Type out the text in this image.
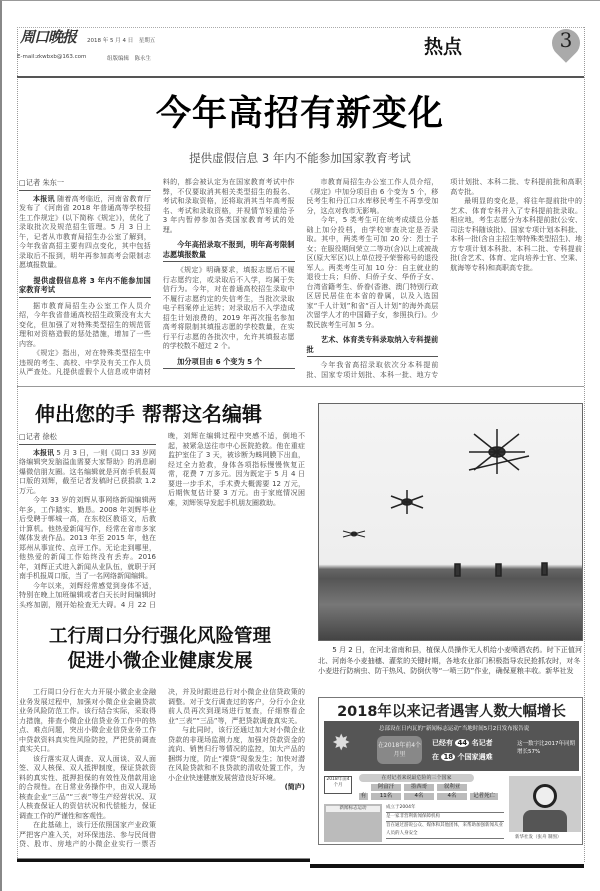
周口晚报 2018 年 5 月 4 日　星期五
E-mail:zkwbxb@163.com	组版编辑　陈永生
热点	3
今年高招有新变化
提供虚假信息 3 年内不能参加国家教育考试
□记者 朱东一

本报讯 随着高考临近，河南省教育厅发布了《河南省 2018 年普通高等学校招生工作规定》(以下简称《规定》)，优化了录取批次及规范招生管理。5 月 3 日上午，记者从市教育局招生办公室了解到，今年我省高招主要有四点变化，其中包括录取后不报到，明年再参加高考会限制志愿填报数量。

提供虚假信息将 3 年内不能参加国家教育考试

据市教育局招生办公室工作人员介绍，今年我省普通高校招生政策没有太大变化，但加强了对特殊类型招生的规范管理和对资格造假的惩处措施，增加了一些内容。

《规定》指出，对在特殊类型招生中违规的考生、高校、中学及有关工作人员从严查处。凡提供虚假个人信息或申请材料的，都会被认定为在国家教育考试中作弊，不仅要取消其相关类型招生的报名、考试和录取资格，还将取消其当年高考报名、考试和录取资格，并视情节轻重给予 3 年内暂停参加各类国家教育考试的处理。

今年高招录取不报到，明年高考限制志愿填报数量

《规定》明确要求，填报志愿后不履行志愿约定，或录取后不入学，均属于失信行为。今年，对在普通高校招生录取中不履行志愿约定的失信考生，当批次录取电子档案停止运转；对录取后不入学造成招生计划浪费的，2019 年再次报名参加高考将限制其填报志愿的学校数量，在实行平行志愿的各批次中，允许其填报志愿的学校数不超过 2 个。

加分项目由 6 个变为 5 个

市教育局招生办公室工作人员介绍，《规定》中加分项目由 6 个变为 5 个，移民考生和丹江口水库移民考生不再享受加分，这点对我市无影响。

今年，5 类考生可在统考成绩总分基础上加分投档，由学校审查决定是否录取。其中，两类考生可加 20 分：烈士子女；在服役期间荣立二等功(含)以上或被战区(原大军区)以上单位授予荣誉称号的退役军人。两类考生可加 10 分：自主就业的退役士兵；归侨、归侨子女、华侨子女、台湾省籍考生、侨眷(香港、澳门特别行政区居民居住在本省的眷属，以及入选国家“千人计划”和省“百人计划”的海外高层次留学人才的中国籍子女，参照执行)。少数民族考生可加 5 分。

艺术、体育类专科录取纳入专科提前批

今年我省高招录取依次分本科提前批、国家专项计划批、本科一批、地方专项计划批、本科二批、专科提前批和高职高专批。

最明显的变化是，将往年提前批中的艺术、体育专科并入了专科提前批录取。相应地，考生志愿分为本科提前批(公安、司法专科随该批)、国家专项计划本科批、本科一批(含自主招生等特殊类型招生)、地方专项计划本科批、本科二批、专科提前批(含艺术、体育、定向培养士官、空乘、航海等专科)和高职高专批。

伸出您的手 帮帮这名编辑
□记者 徐松

本报讯 5 月 3 日，一则《周口 33 岁网络编辑突发脑溢血需要大家帮助》的消息刷爆微信朋友圈。这名编辑就是河南手机报周口版的刘辉，截至记者发稿时已获捐款 1.2 万元。

今年 33 岁的刘辉从事网络新闻编辑两年多，工作踏实、勤恳。2008 年刘辉毕业后受聘于郸城一高，在东校区教语文，后教计算机。他热爱新闻写作，经常在省市多家媒体发表作品。2013 年至 2015 年，他在郑州从事宣传、点评工作。无论走到哪里，他热爱的新闻工作始终没有丢弃。2016 年，刘辉正式进入新闻从业队伍，就职于河南手机报周口版，当了一名网络新闻编辑。

今年以来，刘辉经常感觉到身体不适，特别在晚上加班编辑或者白天长时间编辑时头疼加剧，刚开始检查无大碍。4 月 22 日晚，刘辉在编辑过程中突感不适，倒地不起，被紧急送往市中心医院抢救。他在重症监护室住了 3 天，被诊断为蛛网膜下出血，经过全力抢救，身体各项指标慢慢恢复正常，花费 7 万多元。因为既定于 5 月 4 日要进一步手术，手术费大概需要 12 万元，后期恢复估计要 3 万元。由于家庭情况困难，刘辉领导发起手机朋友圈救助。

工行周口分行强化风险管理
促进小微企业健康发展

工行周口分行在大力开展小微企业金融业务发展过程中，加强对小微企业金融贷款业务风险防范工作。该行结合实际，采取得力措施，排查小微企业信贷业务工作中的热点、难点问题，突出小微企业信贷业务工作中贷款资料真实性风险防控，严把贷前调查真实关口。

该行落实双人调查、双人面谈、双人面签、双人核保、双人抵押制度，保证贷款资料的真实性、抵押担保的有效性及借款用途的合规性。在日常业务操作中，由双人现场核查企业“三品”“三表”等生产经营状况、双人核查保证人的资信状况和代偿能力，保证调查工作的严谨性和客观性。

在此基础上，该行还依照国家产业政策严把客户准入关，对环保违法、参与民间借贷、股市、房地产的小微企业实行一票否决，并及时跟进总行对小微企业信贷政策的调整。对于支行调查过的客户，分行小企业前人员再次到现场进行复查，仔细察看企业“三表”“三品”等，严把贷款调查真实关。

与此同时，该行还通过加大对小微企业贷款的非现场监测力度，加强对贷款资金的流向、销售归行等情况的监控，加大产品的捆绑力度，防止“裸贷”现象发生；加快对潜在风险贷款和不良贷款的清收处置工作，为小企业快速健康发展营造良好环境。

(简庐)
5 月 2 日，在河北省南和县，植保人员操作无人机给小麦喷洒农药。时下正值河北、河南冬小麦抽穗、灌浆的关键时期，各地农业部门积极指导农民抢抓农时，对冬小麦进行防病虫、防干热风、防倒伏等“一喷三防”作业，确保夏粮丰收。新华社发
2018年以来记者遇害人数大幅增长
总部设在日内瓦的“新闻标志运动”当地时间5月2日发布报告说
✸	在2018年前4个月里
已经有 44 名记者
在 18 个国家遇难
这一数字比2017年同期增长57%
2018年前4个月
在对记者来说最危险的三个国家
阿富汗	墨西哥	叙利亚
有	11名	4名	4名	记者死亡
新闻标志运动	成立于2004年
是一家非营利新闻保障机构
旨在通过游说公众、媒体和其他团体，来帮助加强新闻从业人员的人身安全
新华社发（张舟 制图）
